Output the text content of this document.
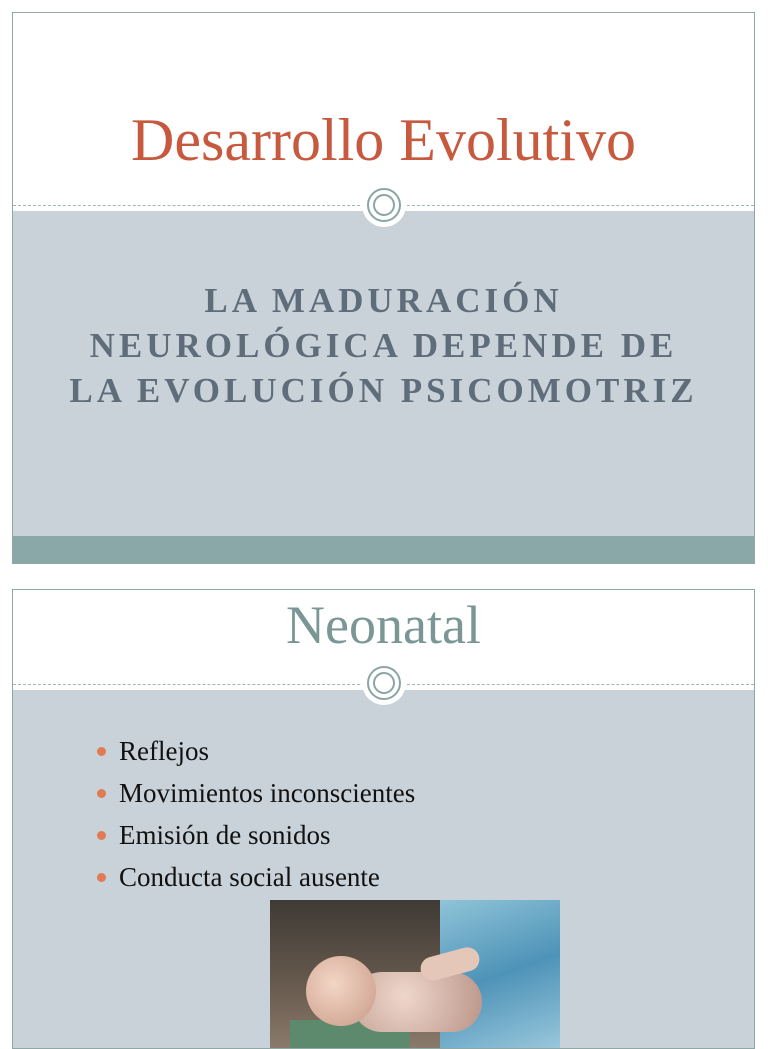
Desarrollo Evolutivo
LA MADURACIÓN
NEUROLÓGICA DEPENDE DE
LA EVOLUCIÓN PSICOMOTRIZ
Neonatal
Reflejos
Movimientos inconscientes
Emisión de sonidos
Conducta social ausente
